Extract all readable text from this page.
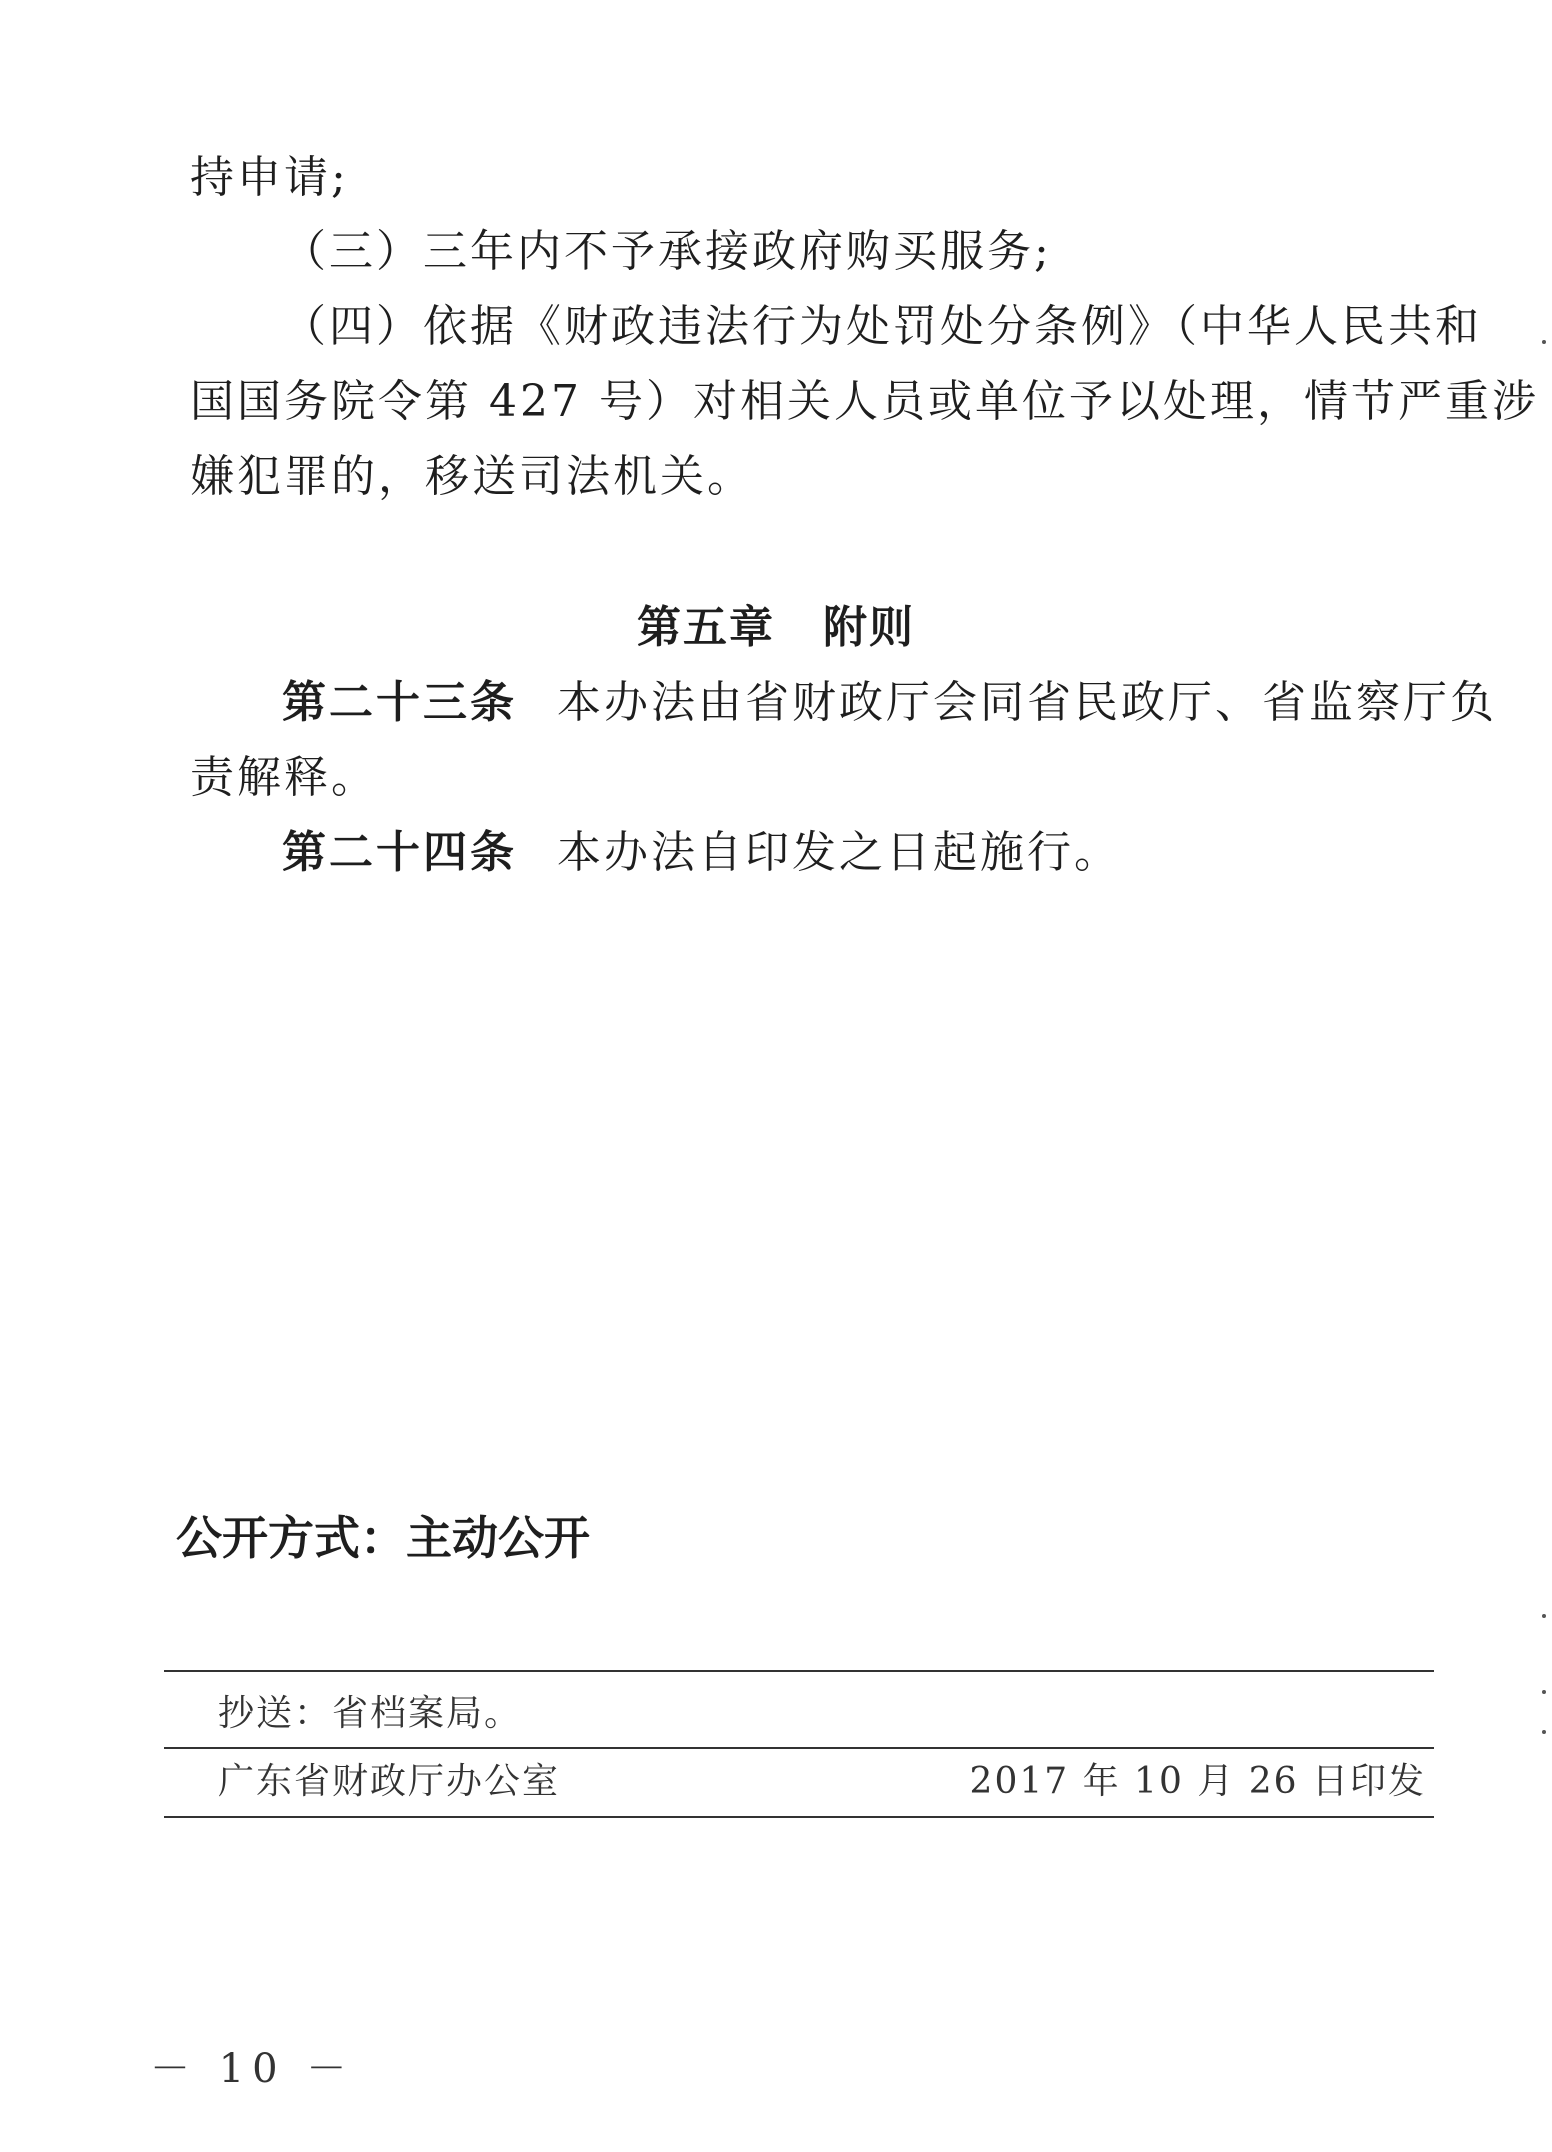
持申请;
（三）三年内不予承接政府购买服务;
（四）依据《财政违法行为处罚处分条例》（中华人民共和
国国务院令第 427 号）对相关人员或单位予以处理，情节严重涉
嫌犯罪的，移送司法机关。
第五章 附则
第二十三条 本办法由省财政厅会同省民政厅、省监察厅负
责解释。
第二十四条 本办法自印发之日起施行。
公开方式：主动公开
抄送：省档案局。
广东省财政厅办公室	2017 年 10 月 26 日印发
－ 10 －
